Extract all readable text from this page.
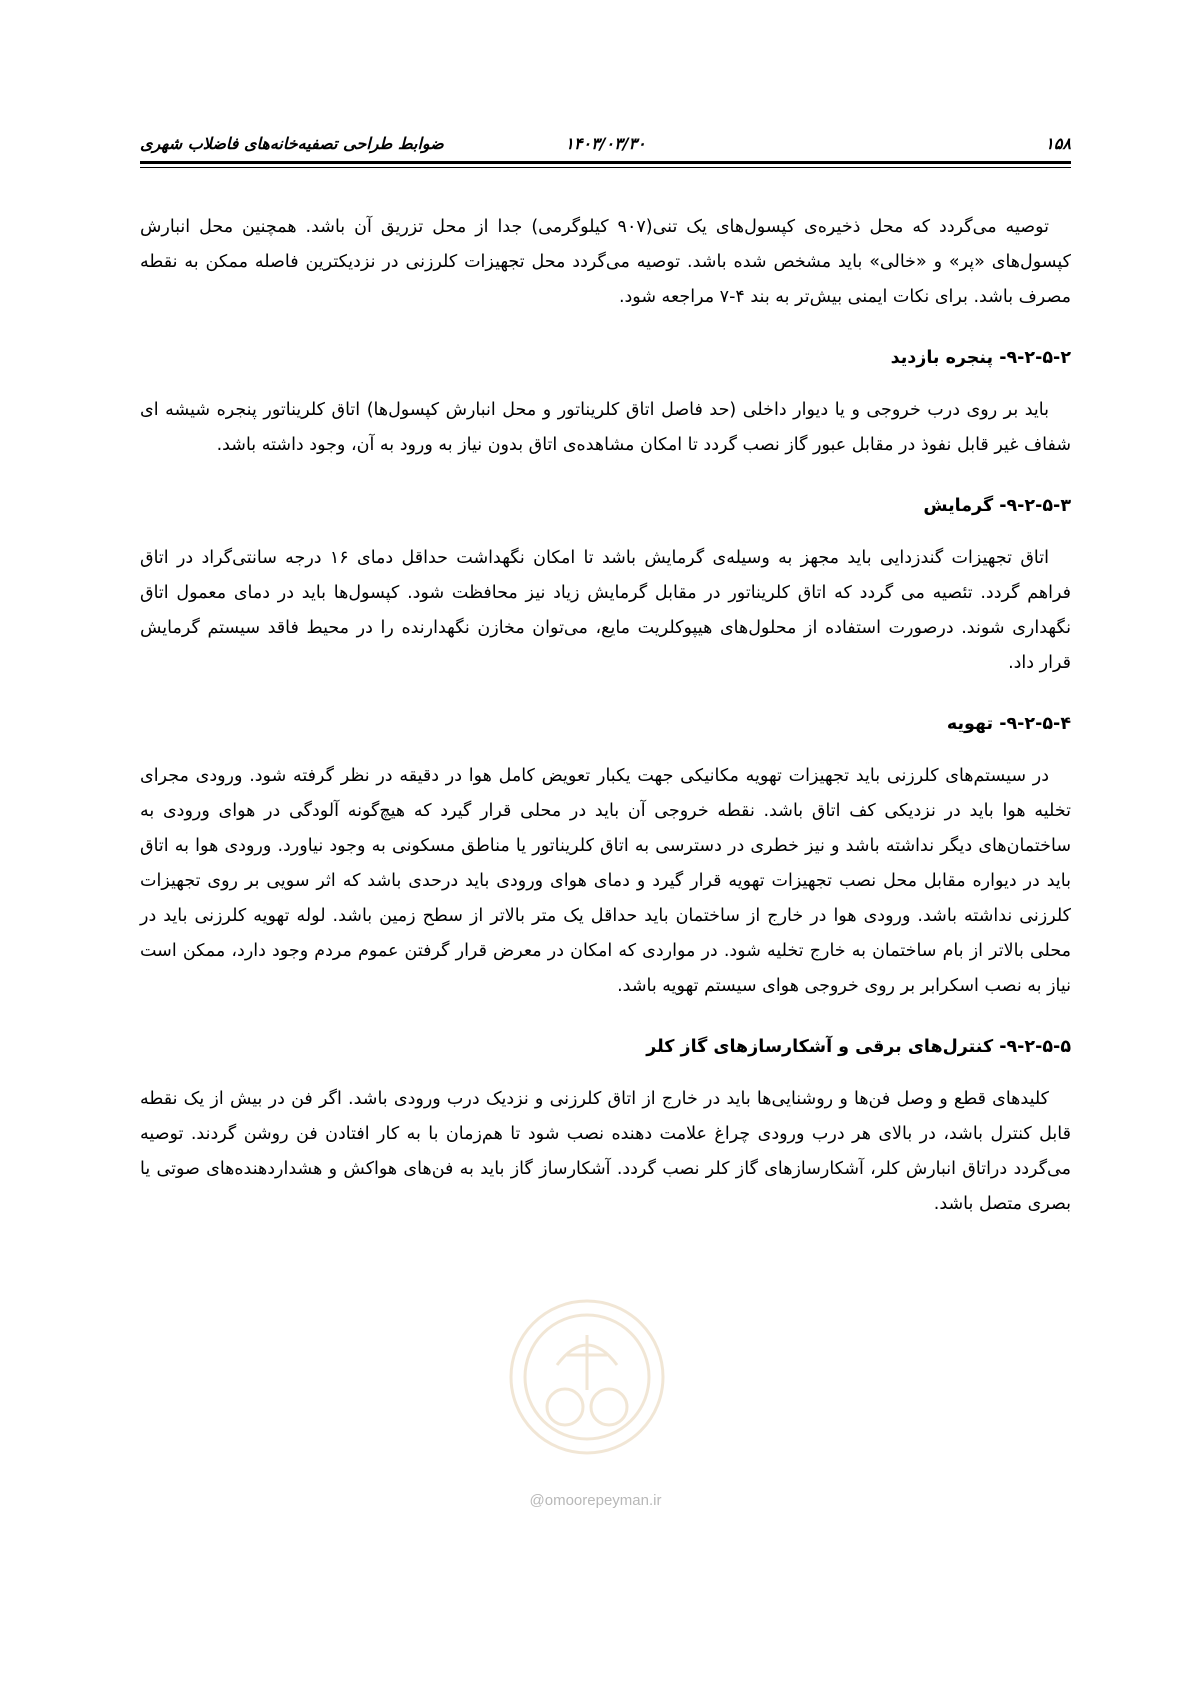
۱۵۸
۱۴۰۳/۰۳/۳۰
ضوابط طراحی تصفیه‌خانه‌های فاضلاب شهری

توصیه می‌گردد که محل ذخیره‌ی کپسول‌های یک تنی(۹۰۷ کیلوگرمی) جدا از محل تزریق آن باشد. همچنین محل انبارش کپسول‌های «پر» و «خالی» باید مشخص شده باشد. توصیه می‌گردد محل تجهیزات کلرزنی در نزدیکترین فاصله ممکن به نقطه مصرف باشد. برای نکات ایمنی بیش‌تر به بند ۴-۷ مراجعه شود.

۹-۲-۵-۲- پنجره بازدید

باید بر روی درب خروجی و یا دیوار داخلی (حد فاصل اتاق کلریناتور و محل انبارش کپسول‌ها) اتاق کلریناتور پنجره شیشه ای شفاف غیر قابل نفوذ در مقابل عبور گاز نصب گردد تا امکان مشاهده‌ی اتاق بدون نیاز به ورود به آن، وجود داشته باشد.

۹-۲-۵-۳- گرمایش

اتاق تجهیزات گندزدایی باید مجهز به وسیله‌ی گرمایش باشد تا امکان نگهداشت حداقل دمای ۱۶ درجه سانتی‌گراد در اتاق فراهم گردد. تئصیه می گردد که اتاق کلریناتور در مقابل گرمایش زیاد نیز محافظت شود. کپسول‌ها باید در دمای معمول اتاق نگهداری شوند. درصورت استفاده از محلول‌های هیپوکلریت مایع، می‌توان مخازن نگهدارنده را در محیط فاقد سیستم گرمایش قرار داد.

۹-۲-۵-۴- تهویه

در سیستم‌های کلرزنی باید تجهیزات تهویه مکانیکی جهت یکبار تعویض کامل هوا در دقیقه در نظر گرفته شود. ورودی مجرای تخلیه هوا باید در نزدیکی کف اتاق باشد. نقطه خروجی آن باید در محلی قرار گیرد که هیچ‌گونه آلودگی در هوای ورودی به ساختمان‌های دیگر نداشته باشد و نیز خطری در دسترسی به اتاق کلریناتور یا مناطق مسکونی به وجود نیاورد. ورودی هوا به اتاق باید در دیواره مقابل محل نصب تجهیزات تهویه قرار گیرد و دمای هوای ورودی باید درحدی باشد که اثر سویی بر روی تجهیزات کلرزنی نداشته باشد. ورودی هوا در خارج از ساختمان باید حداقل یک متر بالاتر از سطح زمین باشد. لوله تهویه کلرزنی باید در محلی بالاتر از بام ساختمان به خارج تخلیه شود. در مواردی که امکان در معرض قرار گرفتن عموم مردم وجود دارد، ممکن است نیاز به نصب اسکرابر بر روی خروجی هوای سیستم تهویه باشد.

۹-۲-۵-۵- کنترل‌های برقی و آشکارسازهای گاز کلر

کلیدهای قطع و وصل فن‌ها و روشنایی‌ها باید در خارج از اتاق کلرزنی و نزدیک درب ورودی باشد. اگر فن در بیش از یک نقطه قابل کنترل باشد، در بالای هر درب ورودی چراغ علامت دهنده نصب شود تا هم‌زمان با به کار افتادن فن روشن گردند. توصیه می‌گردد دراتاق انبارش کلر، آشکارسازهای گاز کلر نصب گردد. آشکارساز گاز باید به فن‌های هواکش و هشداردهنده‌های صوتی یا بصری متصل باشد.

@omoorepeyman.ir
